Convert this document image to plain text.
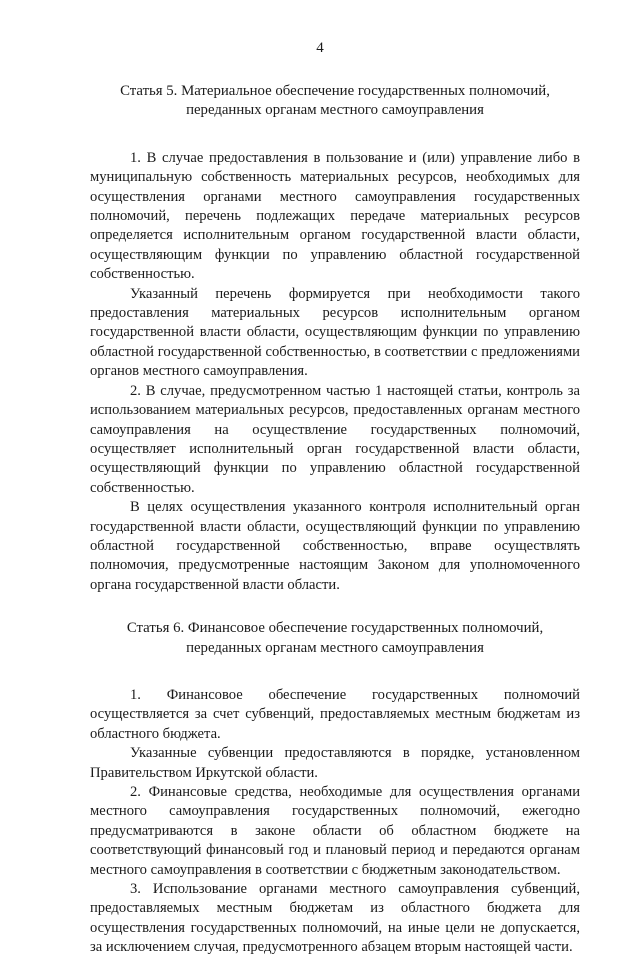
4
Статья 5. Материальное обеспечение государственных полномочий,
переданных органам местного самоуправления

1. В случае предоставления в пользование и (или) управление либо в муниципальную собственность материальных ресурсов, необходимых для осуществления органами местного самоуправления государственных полномочий, перечень подлежащих передаче материальных ресурсов определяется исполнительным органом государственной власти области, осуществляющим функции по управлению областной государственной собственностью.

Указанный перечень формируется при необходимости такого предоставления материальных ресурсов исполнительным органом государственной власти области, осуществляющим функции по управлению областной государственной собственностью, в соответствии с предложениями органов местного самоуправления.

2. В случае, предусмотренном частью 1 настоящей статьи, контроль за использованием материальных ресурсов, предоставленных органам местного самоуправления на осуществление государственных полномочий, осуществляет исполнительный орган государственной власти области, осуществляющий функции по управлению областной государственной собственностью.

В целях осуществления указанного контроля исполнительный орган государственной власти области, осуществляющий функции по управлению областной государственной собственностью, вправе осуществлять полномочия, предусмотренные настоящим Законом для уполномоченного органа государственной власти области.

Статья 6. Финансовое обеспечение государственных полномочий,
переданных органам местного самоуправления

1. Финансовое обеспечение государственных полномочий осуществляется за счет субвенций, предоставляемых местным бюджетам из областного бюджета.

Указанные субвенции предоставляются в порядке, установленном Правительством Иркутской области.

2. Финансовые средства, необходимые для осуществления органами местного самоуправления государственных полномочий, ежегодно предусматриваются в законе области об областном бюджете на соответствующий финансовый год и плановый период и передаются органам местного самоуправления в соответствии с бюджетным законодательством.

3. Использование органами местного самоуправления субвенций, предоставляемых местным бюджетам из областного бюджета для осуществления государственных полномочий, на иные цели не допускается, за исключением случая, предусмотренного абзацем вторым настоящей части.
